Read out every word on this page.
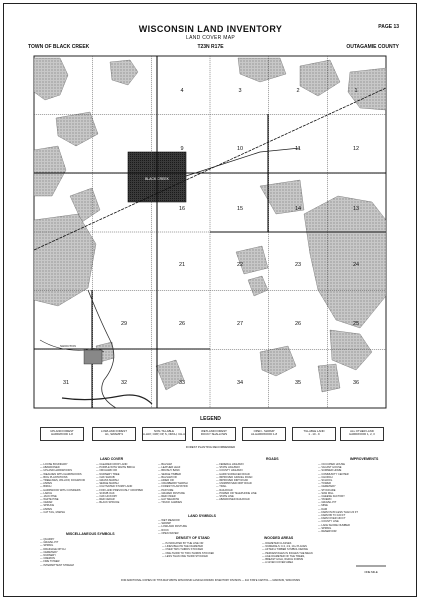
WISCONSIN LAND INVENTORY
LAND COVER MAP
T23N R17E
PAGE 13
TOWN OF BLACK CREEK	OUTAGAMIE COUNTY
BLACK CREEK
4	3	2	1
9	10	11	12
16	15	14	13
21	22	23	24
29	26	27	26	25
31	32	33	34	35	36
SHIOCTON
ONE MILE
LEGEND
UPLAND FOREST
HARDWOOD 1-8
LOWLAND FOREST
H1, SWAMP 9
NON-TILLABLE
A-HAY, CRP, OP, S, ORCH, CH-A
WETLAND FOREST
ROCKY SHALLOWS
OPEN - SWAMP
A1-HARDWOOD 1-8
TILLABLE LAND
1 - 10 - 9
ALL OTHER LAND
HARDWOOD 1, 2, 3
FOREST PLANTING RECOMMENDED
LAND COVER	ROADS	IMPROVEMENTS
— LOOSE BOUNDARY
— ABANDONED
— UPLAND HARDWOODS
— WEALDEN WITH HARDWOODS
— BOG PLANTATIONS
— TREELINES, WILLOW, DOGWOOD
— ASPEN
— BIRCH
— HARDWOOD WITH CONIFERS
— LARCH
— JACK PINE
— WHITE PINE
— CEDAR
— SPRUCE
— ASPEN
— CAT TAIL, MARSH
— CLEARED CROP LAND
— PURPLE WITH WHITE BIRCH
— ORCHARD OR
— NURSERY TREE
— OAK SHRUB
— GRASS MARSH
— SEDGE MARSH
— CULTIVATED STUMP LAND
— FOR LAND PREVIOUSLY CROPPED
— SCRUB OAK
— OAK HICKORY
— RED CEDAR
— BLACK SPRUCE
— BALSAM
— LEATHER LEAF
— BRUSHY BANK
— SEDGE TIMBER
— BALSAM FIR
— AIDER OR
— CRANBERRY MARSH
— FOREST PLANTATION
— PASTURE
— GRAZED PASTURE
— RED OSIER
— HAY MEADOW
— TRUCK GARDEN
— FEDERAL HIGHWAY
— STATE HIGHWAY
— COUNTY HIGHWAY
— HARD SURFACED ROAD
— IMPROVED GRAVEL ROAD
— IMPROVED DIRT ROAD
— UNIMPROVED DIRT ROAD
— TRAIL
— RAILROAD
— POWER OR TELEPHONE LINE
— STATE LINE
— ABANDONED RAILROAD
— OCCUPIED HOUSE
— VACANT HOUSE
— SUMMER HOME
— COMMUNITY CENTER
— CHURCH
— SCHOOL
— TOWER
— CEMETERY
— STOCKADE
— SAW MILL
— CHEESE FACTORY
— TAVERN
— GRAVEL PIT
— MINE
— DAM
— FARM IN 80 LESS THAN 20 FT
— FARM 80 TO 160 FT
— FARM OVER 160 FT
— COUNTY LINE
— LAKE SHORE NUMBER
— SPRING
— RESERVOIR
LAND SYMBOLS
— WET MEADOW
— SWAMP
— LOWLAND PASTURE
— ROCK
— OPEN WATER
MISCELLANEOUS SYMBOLS
— QUARRY
— GRAVEL PIT
— SPRING
— DRAINAGE DITCH
— CEMETERY
— NURSERY
— CREMON
— FIRE TOWER
— INTERMITTENT STREAM
DENSITY OF STAND
— IS INDICATED BY THE LINE OR
— LINES BELOW THE DIAMETER
— OVER TWO-THIRDS STOCKED
— ONE-THIRD TO TWO-THIRDS STOCKED
— LESS THAN ONE THIRD STOCKED
WOODED AREAS
— DIAMETER CLASSES
— NUMERALS: 0-3, 4-9, 10+ PLACES
— AFTER A TIMBER SYMBOL DEFINE
— PERCENTAGES IN INCHES THE MEAN
— AGE DIAMETER OF THE TREES,
— BREAST HIGH, WHICH FORMS
— A GIVEN COVER AREA
FOR ADDITIONAL COPIES OF THIS MAP WRITE WISCONSIN LAND ECONOMIC INVENTORY DIVISION — 410 STATE CAPITOL — MADISON, WISCONSIN
